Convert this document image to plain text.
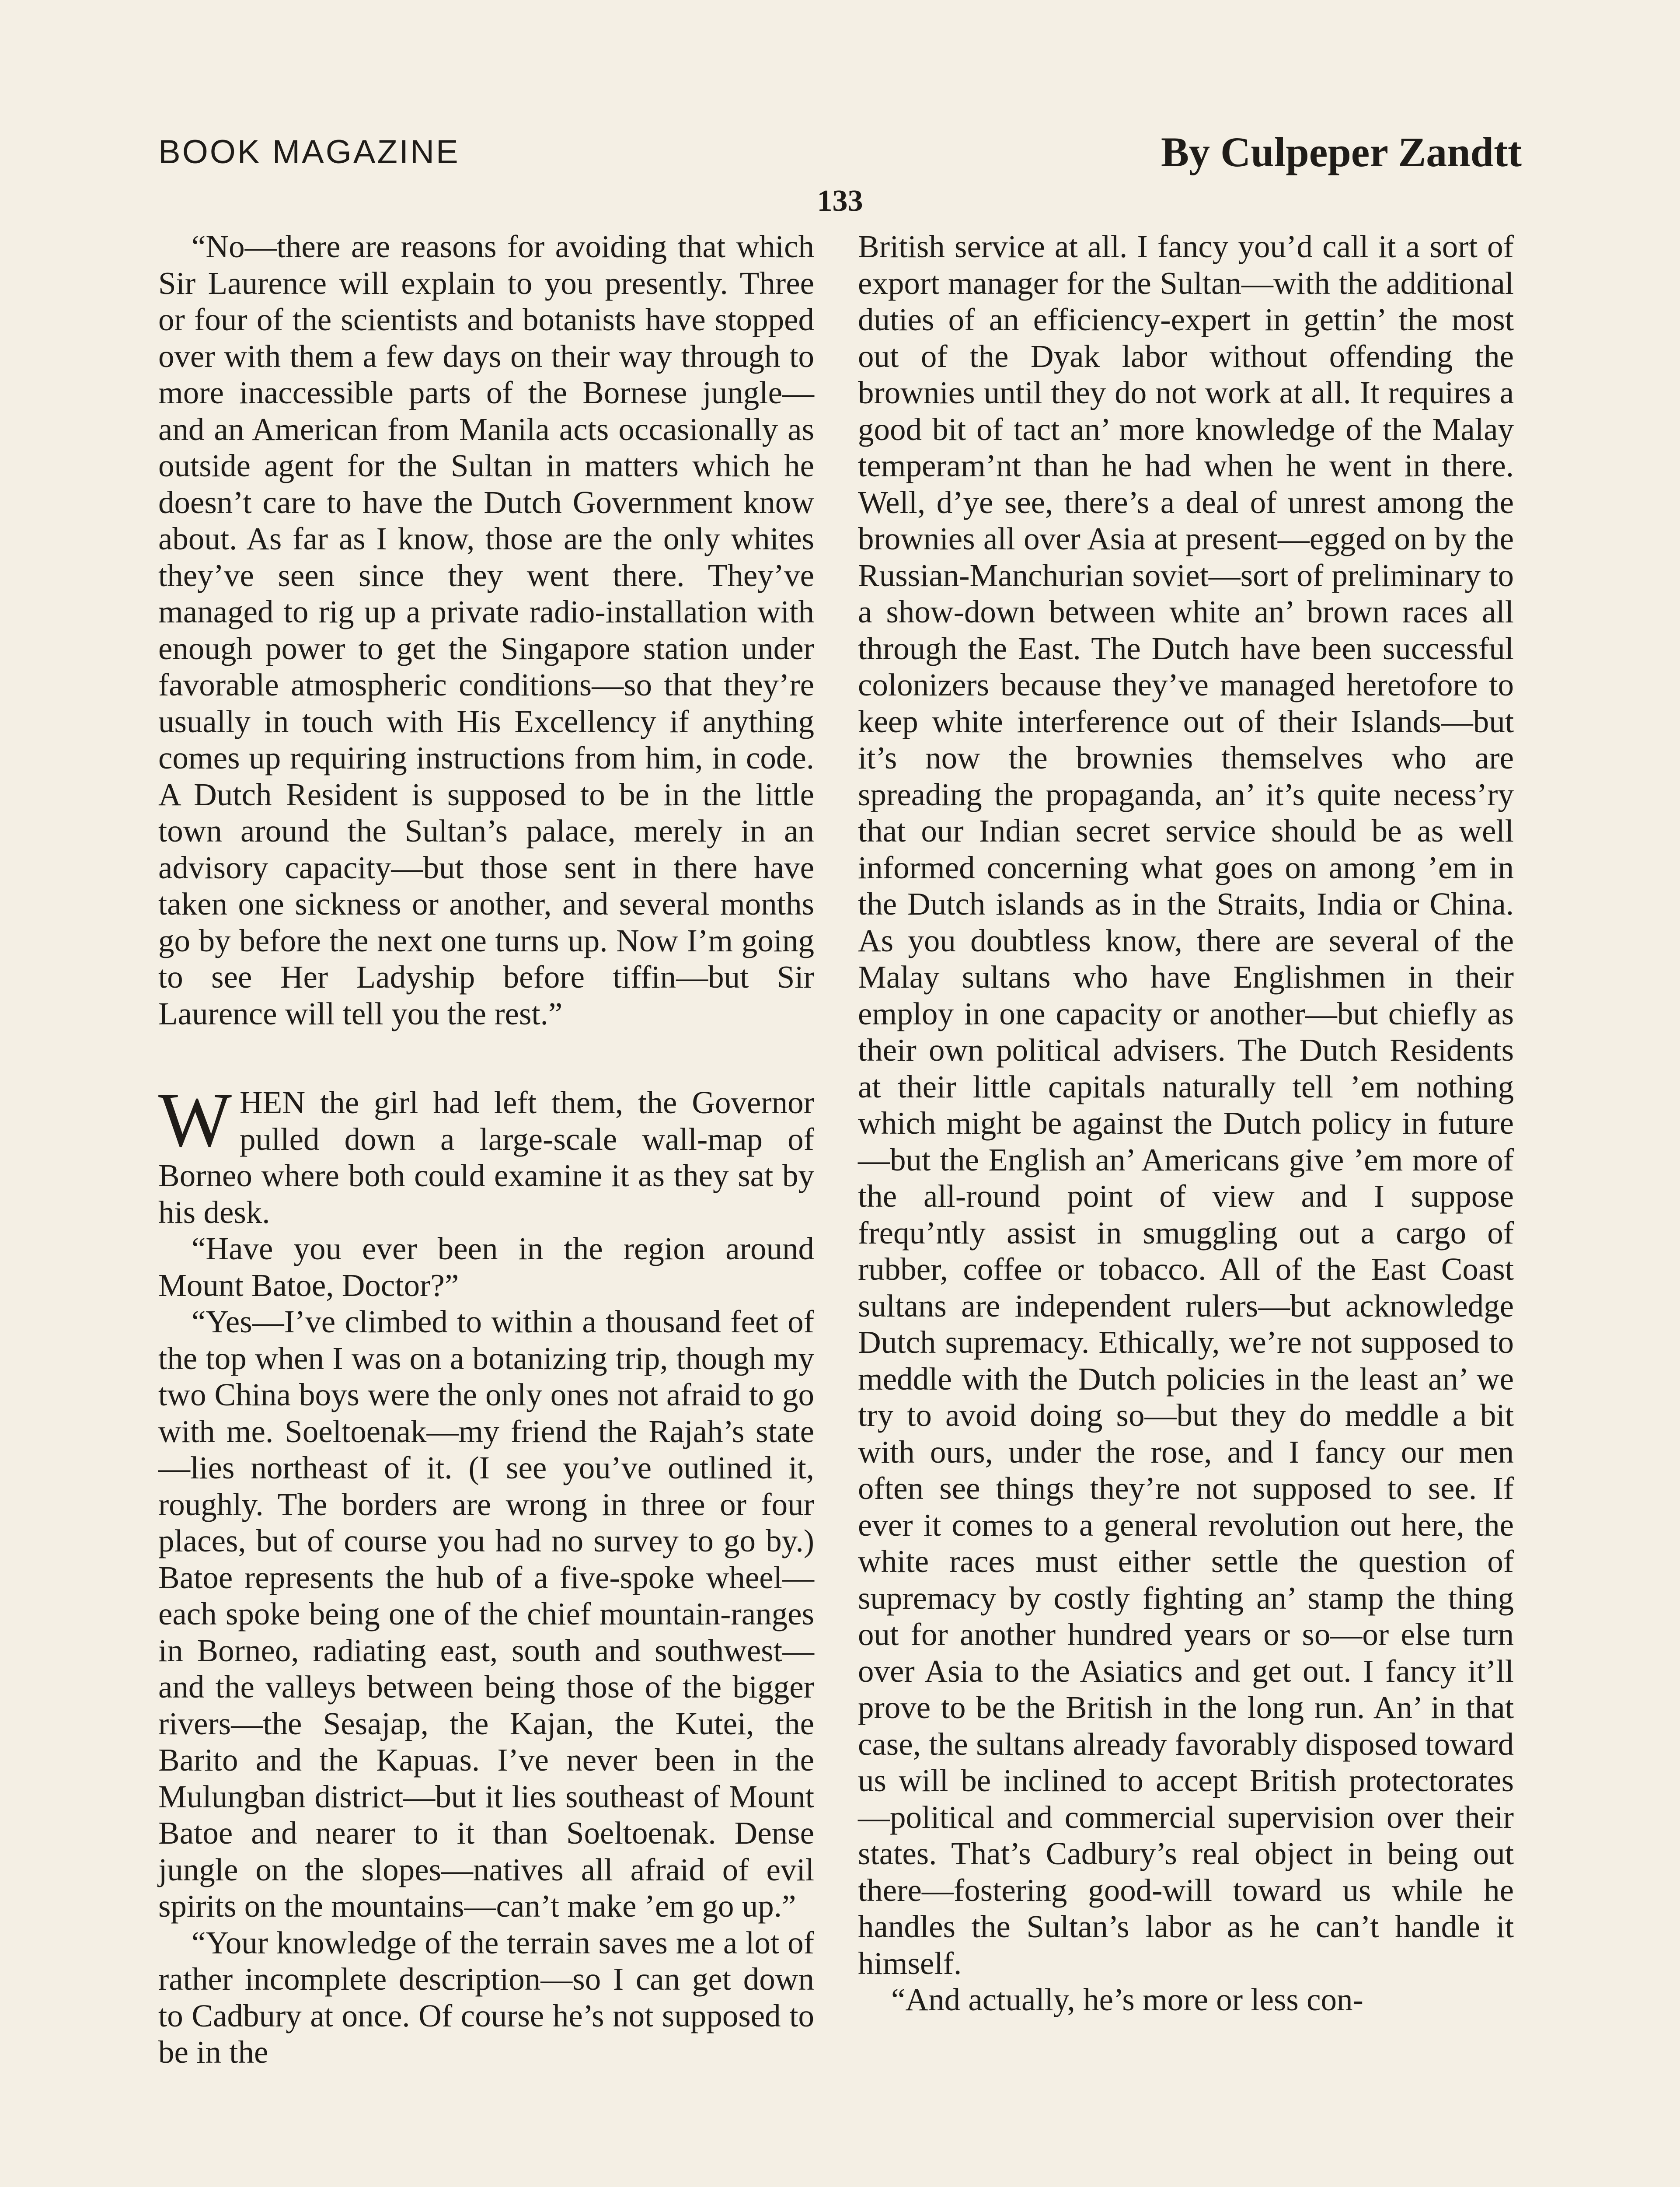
BOOK MAGAZINE	By Culpeper Zandtt
133

“No—there are reasons for avoiding that which Sir Laurence will explain to you presently. Three or four of the scientists and botanists have stopped over with them a few days on their way through to more inaccessible parts of the Bornese jungle—and an American from Manila acts occasionally as outside agent for the Sultan in matters which he doesn’t care to have the Dutch Government know about. As far as I know, those are the only whites they’ve seen since they went there. They’ve managed to rig up a private radio-installation with enough power to get the Singapore station under favorable atmospheric conditions—so that they’re usually in touch with His Excellency if anything comes up requiring instructions from him, in code. A Dutch Resident is supposed to be in the little town around the Sultan’s palace, merely in an advisory capacity—but those sent in there have taken one sickness or another, and several months go by before the next one turns up. Now I’m going to see Her Ladyship before tiffin—but Sir Laurence will tell you the rest.”

WHEN the girl had left them, the Governor pulled down a large-scale wall-map of Borneo where both could examine it as they sat by his desk.

“Have you ever been in the region around Mount Batoe, Doctor?”

“Yes—I’ve climbed to within a thousand feet of the top when I was on a botanizing trip, though my two China boys were the only ones not afraid to go with me. Soeltoenak—my friend the Rajah’s state—lies northeast of it. (I see you’ve outlined it, roughly. The borders are wrong in three or four places, but of course you had no survey to go by.) Batoe represents the hub of a five-spoke wheel—each spoke being one of the chief mountain-ranges in Borneo, radiating east, south and southwest—and the valleys between being those of the bigger rivers—the Sesajap, the Kajan, the Kutei, the Barito and the Kapuas. I’ve never been in the Mulungban district—but it lies southeast of Mount Batoe and nearer to it than Soeltoenak. Dense jungle on the slopes—natives all afraid of evil spirits on the mountains—can’t make ’em go up.”

“Your knowledge of the terrain saves me a lot of rather incomplete description—so I can get down to Cadbury at once. Of course he’s not supposed to be in the

British service at all. I fancy you’d call it a sort of export manager for the Sultan—with the additional duties of an efficiency-expert in gettin’ the most out of the Dyak labor without offending the brownies until they do not work at all. It requires a good bit of tact an’ more knowledge of the Malay temperam’nt than he had when he went in there. Well, d’ye see, there’s a deal of unrest among the brownies all over Asia at present—egged on by the Russian-Manchurian soviet—sort of preliminary to a show-down between white an’ brown races all through the East. The Dutch have been successful colonizers because they’ve managed heretofore to keep white interference out of their Islands—but it’s now the brownies themselves who are spreading the propaganda, an’ it’s quite necess’ry that our Indian secret service should be as well informed concerning what goes on among ’em in the Dutch islands as in the Straits, India or China. As you doubtless know, there are several of the Malay sultans who have Englishmen in their employ in one capacity or another—but chiefly as their own political advisers. The Dutch Residents at their little capitals naturally tell ’em nothing which might be against the Dutch policy in future—but the English an’ Americans give ’em more of the all-round point of view and I suppose frequ’ntly assist in smuggling out a cargo of rubber, coffee or tobacco. All of the East Coast sultans are independent rulers—but acknowledge Dutch supremacy. Ethically, we’re not supposed to meddle with the Dutch policies in the least an’ we try to avoid doing so—but they do meddle a bit with ours, under the rose, and I fancy our men often see things they’re not supposed to see. If ever it comes to a general revolution out here, the white races must either settle the question of supremacy by costly fighting an’ stamp the thing out for another hundred years or so—or else turn over Asia to the Asiatics and get out. I fancy it’ll prove to be the British in the long run. An’ in that case, the sultans already favorably disposed toward us will be inclined to accept British protectorates—political and commercial supervision over their states. That’s Cadbury’s real object in being out there—fostering good-will toward us while he handles the Sultan’s labor as he can’t handle it himself.

“And actually, he’s more or less con-
